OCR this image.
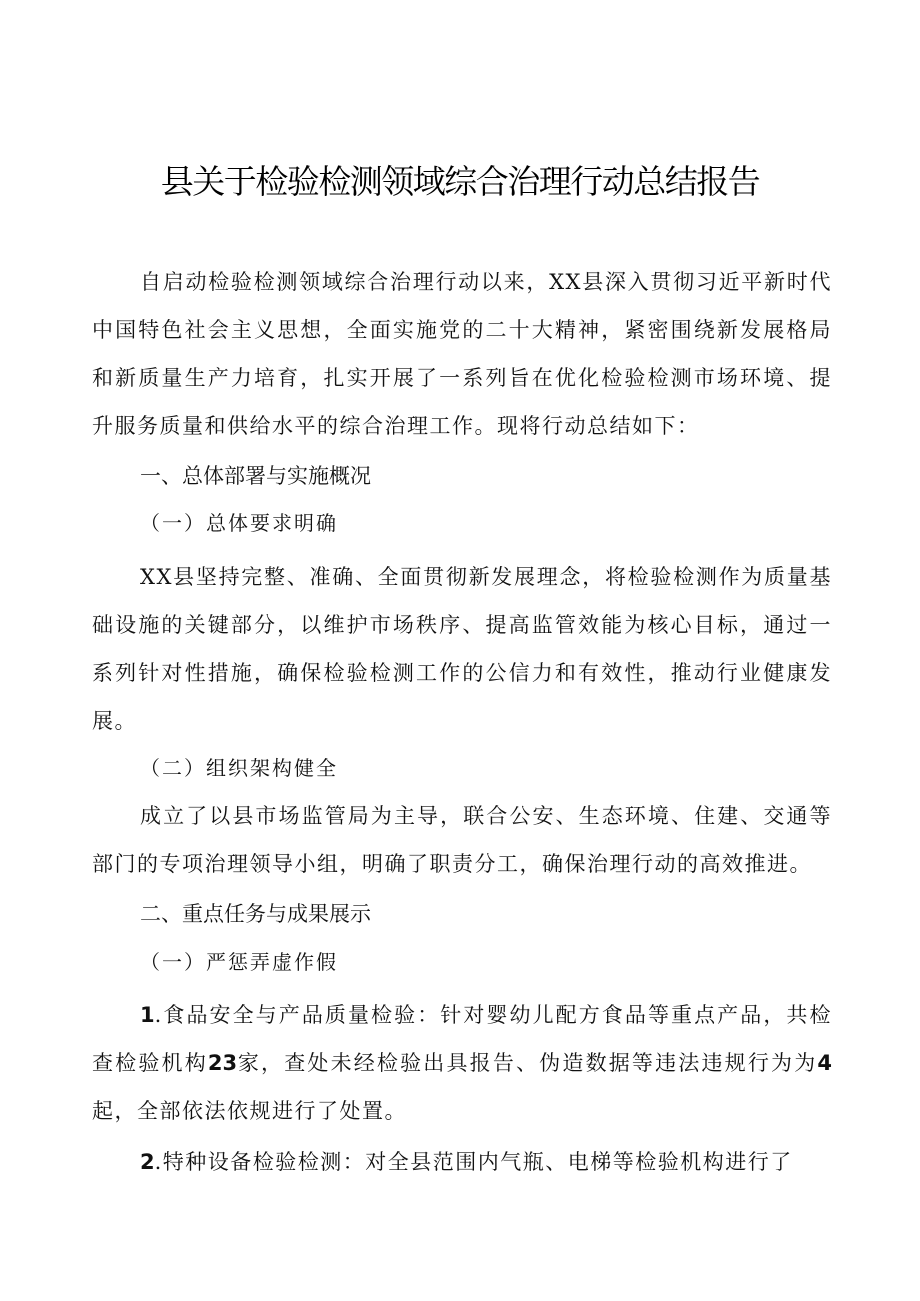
县关于检验检测领域综合治理行动总结报告

自启动检验检测领域综合治理行动以来，XX县深入贯彻习近平新时代中国特色社会主义思想，全面实施党的二十大精神，紧密围绕新发展格局和新质量生产力培育，扎实开展了一系列旨在优化检验检测市场环境、提升服务质量和供给水平的综合治理工作。现将行动总结如下：

一、总体部署与实施概况
（一）总体要求明确

XX县坚持完整、准确、全面贯彻新发展理念，将检验检测作为质量基础设施的关键部分，以维护市场秩序、提高监管效能为核心目标，通过一系列针对性措施，确保检验检测工作的公信力和有效性，推动行业健康发展。

（二）组织架构健全

成立了以县市场监管局为主导，联合公安、生态环境、住建、交通等部门的专项治理领导小组，明确了职责分工，确保治理行动的高效推进。

二、重点任务与成果展示
（一）严惩弄虚作假

1.食品安全与产品质量检验：针对婴幼儿配方食品等重点产品，共检查检验机构23家，查处未经检验出具报告、伪造数据等违法违规行为为4起，全部依法依规进行了处置。

2.特种设备检验检测：对全县范围内气瓶、电梯等检验机构进行了
